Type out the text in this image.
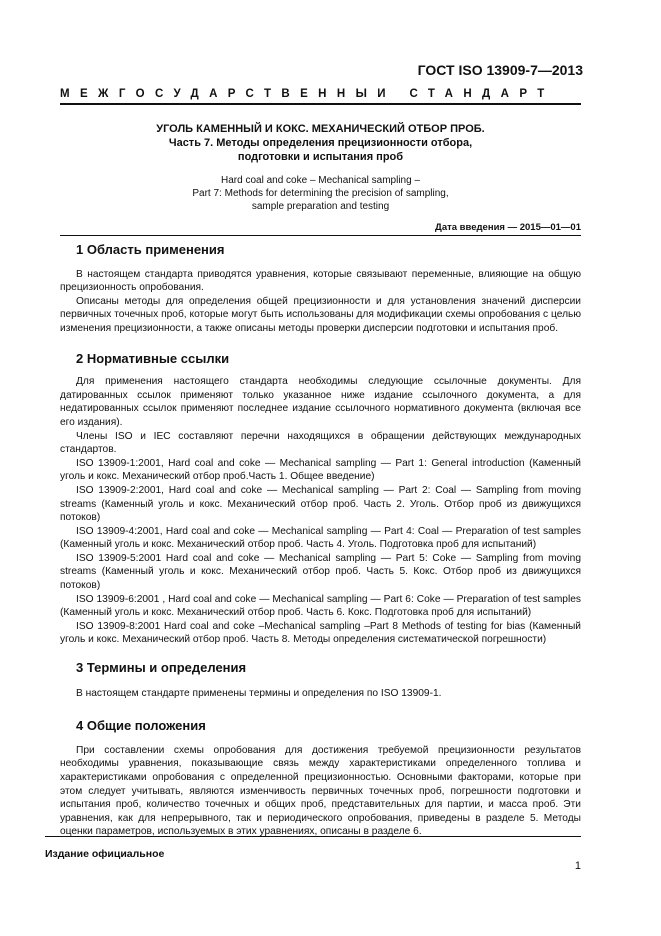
ГОСТ ISO 13909-7—2013
МЕЖГОСУДАРСТВЕННЫЙ СТАНДАРТ
УГОЛЬ КАМЕННЫЙ И КОКС. МЕХАНИЧЕСКИЙ ОТБОР ПРОБ.
Часть 7. Методы определения прецизионности отбора,
подготовки и испытания проб
Hard coal and coke – Mechanical sampling –
Part 7: Methods for determining the precision of sampling,
sample preparation and testing
Дата введения — 2015—01—01
1 Область применения

В настоящем стандарта приводятся уравнения, которые связывают переменные, влияющие на общую прецизионность опробования.

Описаны методы для определения общей прецизионности и для установления значений дисперсии первичных точечных проб, которые могут быть использованы для модификации схемы опробования с целью изменения прецизионности, а также описаны методы проверки дисперсии подготовки и испытания проб.

2 Нормативные ссылки

Для применения настоящего стандарта необходимы следующие ссылочные документы. Для датированных ссылок применяют только указанное ниже издание ссылочного документа, а для недатированных ссылок применяют последнее издание ссылочного нормативного документа (включая все его издания).

Члены ISO и IEC составляют перечни находящихся в обращении действующих международных стандартов.

ISO 13909-1:2001, Hard coal and coke — Mechanical sampling — Part 1: General introduction (Каменный уголь и кокс. Механический отбор проб.Часть 1. Общее введение)

ISO 13909-2:2001, Hard coal and coke — Mechanical sampling — Part 2: Coal — Sampling from moving streams (Каменный уголь и кокс. Механический отбор проб. Часть 2. Уголь. Отбор проб из движущихся потоков)

ISO 13909-4:2001, Hard coal and coke — Mechanical sampling — Part 4: Coal — Preparation of test samples (Каменный уголь и кокс. Механический отбор проб. Часть 4. Уголь. Подготовка проб для испытаний)

ISO 13909-5:2001 Hard coal and coke — Mechanical sampling — Part 5: Coke — Sampling from moving streams (Каменный уголь и кокс. Механический отбор проб. Часть 5. Кокс. Отбор проб из движущихся потоков)

ISO 13909-6:2001 , Hard coal and coke — Mechanical sampling — Part 6: Coke — Preparation of test samples (Каменный уголь и кокс. Механический отбор проб. Часть 6. Кокс. Подготовка проб для испытаний)

ISO 13909-8:2001 Hard coal and coke –Mechanical sampling –Part 8 Methods of testing for bias (Каменный уголь и кокс. Механический отбор проб. Часть 8. Методы определения систематической погрешности)

3 Термины и определения

В настоящем стандарте применены термины и определения по ISO 13909-1.

4 Общие положения

При составлении схемы опробования для достижения требуемой прецизионности результатов необходимы уравнения, показывающие связь между характеристиками определенного топлива и характеристиками опробования с определенной прецизионностью. Основными факторами, которые при этом следует учитывать, являются изменчивость первичных точечных проб, погрешности подготовки и испытания проб, количество точечных и общих проб, представительных для партии, и масса проб. Эти уравнения, как для непрерывного, так и периодического опробования, приведены в разделе 5. Методы оценки параметров, используемых в этих уравнениях, описаны в разделе 6.

Издание официальное
1
